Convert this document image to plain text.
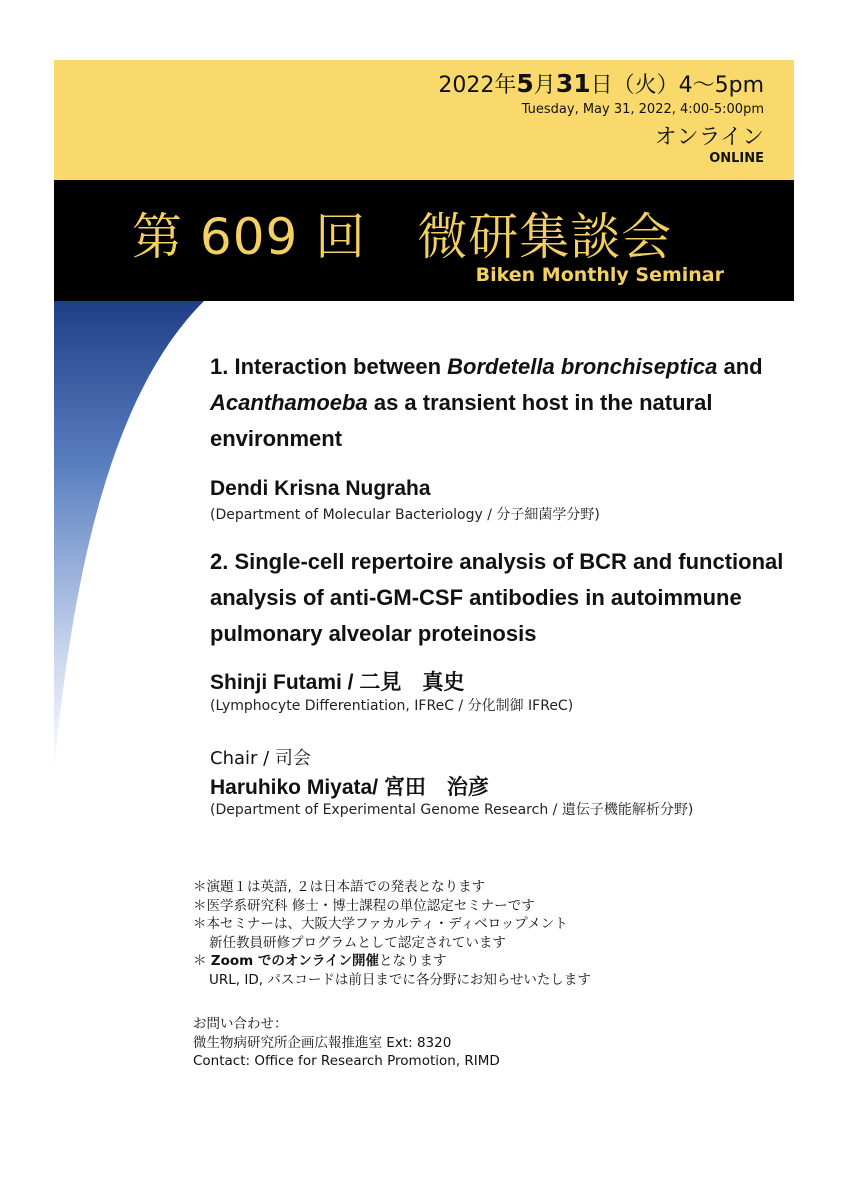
2022年5月31日（火）4～5pm
Tuesday, May 31, 2022, 4:00-5:00pm
オンライン
ONLINE
第 609 回　微研集談会
Biken Monthly Seminar
1. Interaction between Bordetella bronchiseptica and Acanthamoeba as a transient host in the natural environment
Dendi Krisna Nugraha
(Department of Molecular Bacteriology / 分子細菌学分野)
2. Single-cell repertoire analysis of BCR and functional analysis of anti-GM-CSF antibodies in autoimmune pulmonary alveolar proteinosis
Shinji Futami / 二見　真史
(Lymphocyte Differentiation, IFReC / 分化制御 IFReC)
Chair / 司会
Haruhiko Miyata/ 宮田　治彦
(Department of Experimental Genome Research / 遺伝子機能解析分野)
＊演題１は英語, ２は日本語での発表となります
＊医学系研究科 修士・博士課程の単位認定セミナーです
＊本セミナーは、大阪大学ファカルティ・ディベロップメント
新任教員研修プログラムとして認定されています
＊ Zoom でのオンライン開催となります
URL, ID, パスコードは前日までに各分野にお知らせいたします
お問い合わせ：
微生物病研究所企画広報推進室 Ext: 8320
Contact: Office for Research Promotion, RIMD
